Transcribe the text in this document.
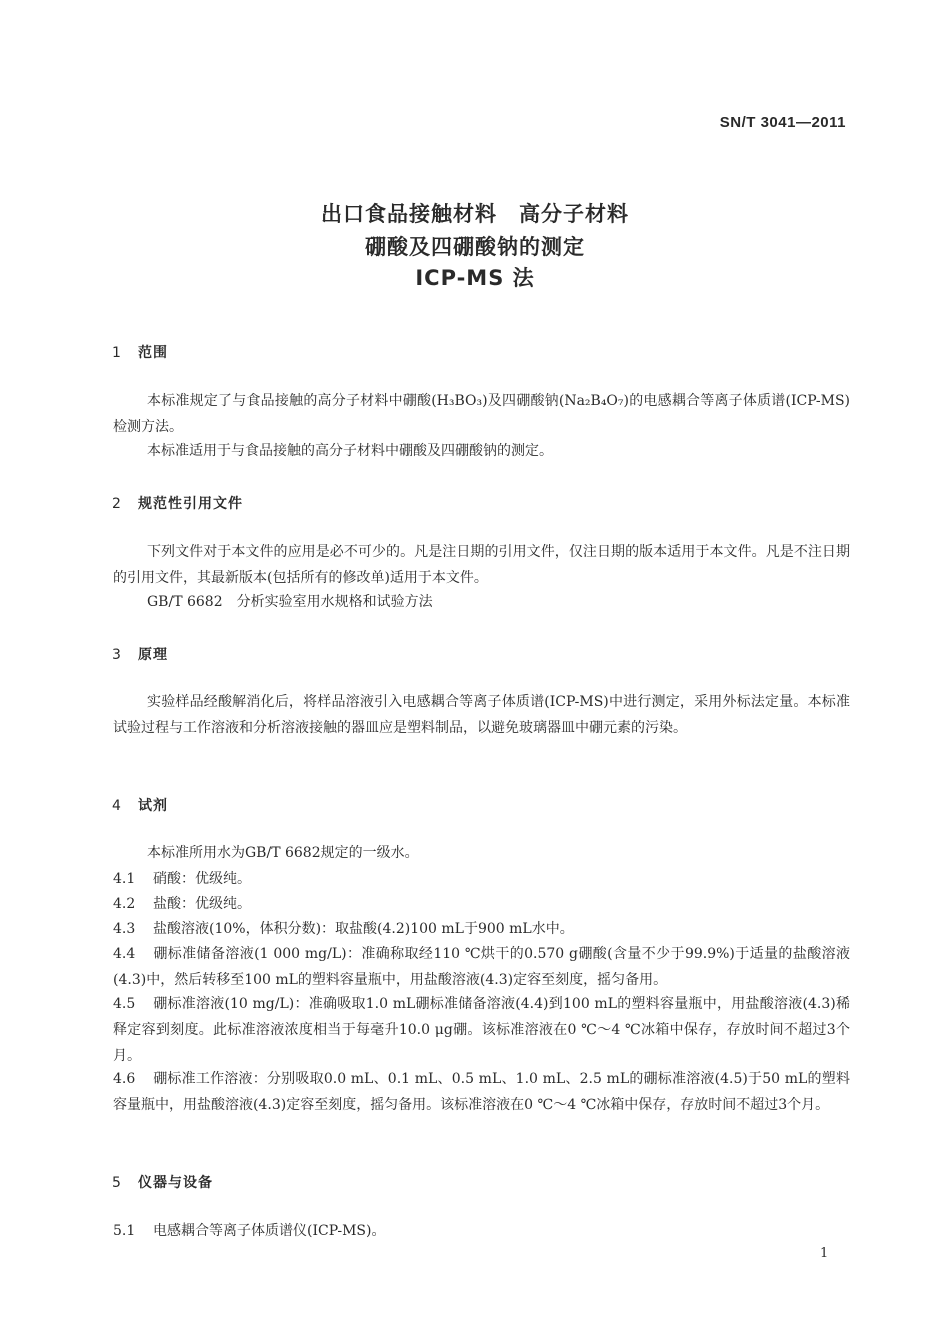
SN/T 3041—2011
出口食品接触材料　高分子材料
硼酸及四硼酸钠的测定
ICP-MS 法
1 范围
本标准规定了与食品接触的高分子材料中硼酸(H₃BO₃)及四硼酸钠(Na₂B₄O₇)的电感耦合等离子体质谱(ICP-MS)检测方法。
本标准适用于与食品接触的高分子材料中硼酸及四硼酸钠的测定。
2 规范性引用文件
下列文件对于本文件的应用是必不可少的。凡是注日期的引用文件，仅注日期的版本适用于本文件。凡是不注日期的引用文件，其最新版本(包括所有的修改单)适用于本文件。
GB/T 6682　分析实验室用水规格和试验方法
3 原理
实验样品经酸解消化后，将样品溶液引入电感耦合等离子体质谱(ICP-MS)中进行测定，采用外标法定量。本标准试验过程与工作溶液和分析溶液接触的器皿应是塑料制品，以避免玻璃器皿中硼元素的污染。
4 试剂
本标准所用水为GB/T 6682规定的一级水。
4.1 硝酸：优级纯。
4.2 盐酸：优级纯。
4.3 盐酸溶液(10%，体积分数)：取盐酸(4.2)100 mL于900 mL水中。
4.4 硼标准储备溶液(1 000 mg/L)：准确称取经110 ℃烘干的0.570 g硼酸(含量不少于99.9%)于适量的盐酸溶液(4.3)中，然后转移至100 mL的塑料容量瓶中，用盐酸溶液(4.3)定容至刻度，摇匀备用。
4.5 硼标准溶液(10 mg/L)：准确吸取1.0 mL硼标准储备溶液(4.4)到100 mL的塑料容量瓶中，用盐酸溶液(4.3)稀释定容到刻度。此标准溶液浓度相当于每毫升10.0 μg硼。该标准溶液在0 ℃～4 ℃冰箱中保存，存放时间不超过3个月。
4.6 硼标准工作溶液：分别吸取0.0 mL、0.1 mL、0.5 mL、1.0 mL、2.5 mL的硼标准溶液(4.5)于50 mL的塑料容量瓶中，用盐酸溶液(4.3)定容至刻度，摇匀备用。该标准溶液在0 ℃～4 ℃冰箱中保存，存放时间不超过3个月。
5 仪器与设备
5.1 电感耦合等离子体质谱仪(ICP-MS)。
1
